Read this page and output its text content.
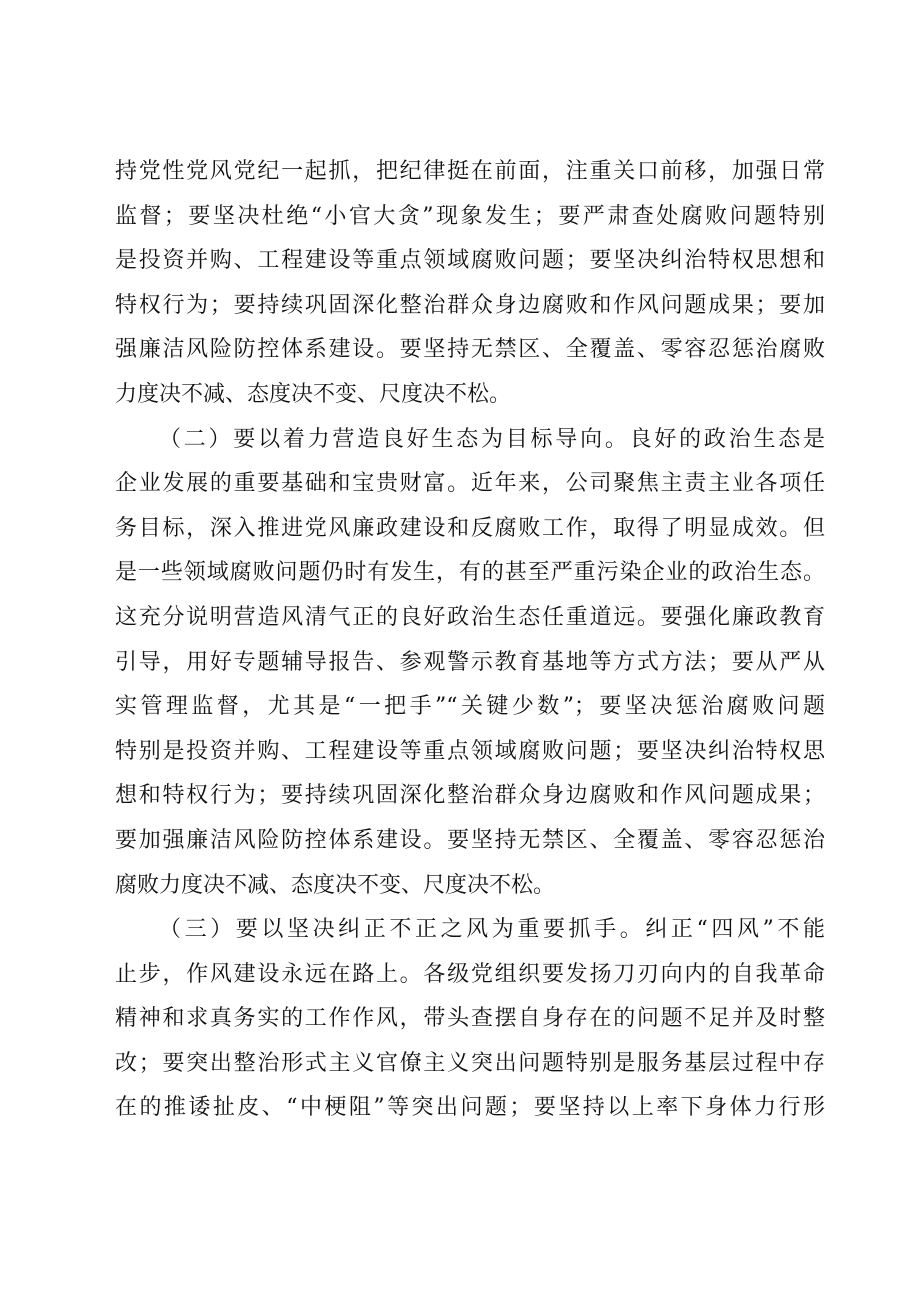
持党性党风党纪一起抓，把纪律挺在前面，注重关口前移，加强日常
监督；要坚决杜绝“小官大贪”现象发生；要严肃查处腐败问题特别
是投资并购、工程建设等重点领域腐败问题；要坚决纠治特权思想和
特权行为；要持续巩固深化整治群众身边腐败和作风问题成果；要加
强廉洁风险防控体系建设。要坚持无禁区、全覆盖、零容忍惩治腐败
力度决不减、态度决不变、尺度决不松。
（二）要以着力营造良好生态为目标导向。良好的政治生态是
企业发展的重要基础和宝贵财富。近年来，公司聚焦主责主业各项任
务目标，深入推进党风廉政建设和反腐败工作，取得了明显成效。但
是一些领域腐败问题仍时有发生，有的甚至严重污染企业的政治生态。
这充分说明营造风清气正的良好政治生态任重道远。要强化廉政教育
引导，用好专题辅导报告、参观警示教育基地等方式方法；要从严从
实管理监督，尤其是“一把手”“关键少数”；要坚决惩治腐败问题
特别是投资并购、工程建设等重点领域腐败问题；要坚决纠治特权思
想和特权行为；要持续巩固深化整治群众身边腐败和作风问题成果；
要加强廉洁风险防控体系建设。要坚持无禁区、全覆盖、零容忍惩治
腐败力度决不减、态度决不变、尺度决不松。
（三）要以坚决纠正不正之风为重要抓手。纠正“四风”不能
止步，作风建设永远在路上。各级党组织要发扬刀刃向内的自我革命
精神和求真务实的工作作风，带头查摆自身存在的问题不足并及时整
改；要突出整治形式主义官僚主义突出问题特别是服务基层过程中存
在的推诿扯皮、“中梗阻”等突出问题；要坚持以上率下身体力行形
